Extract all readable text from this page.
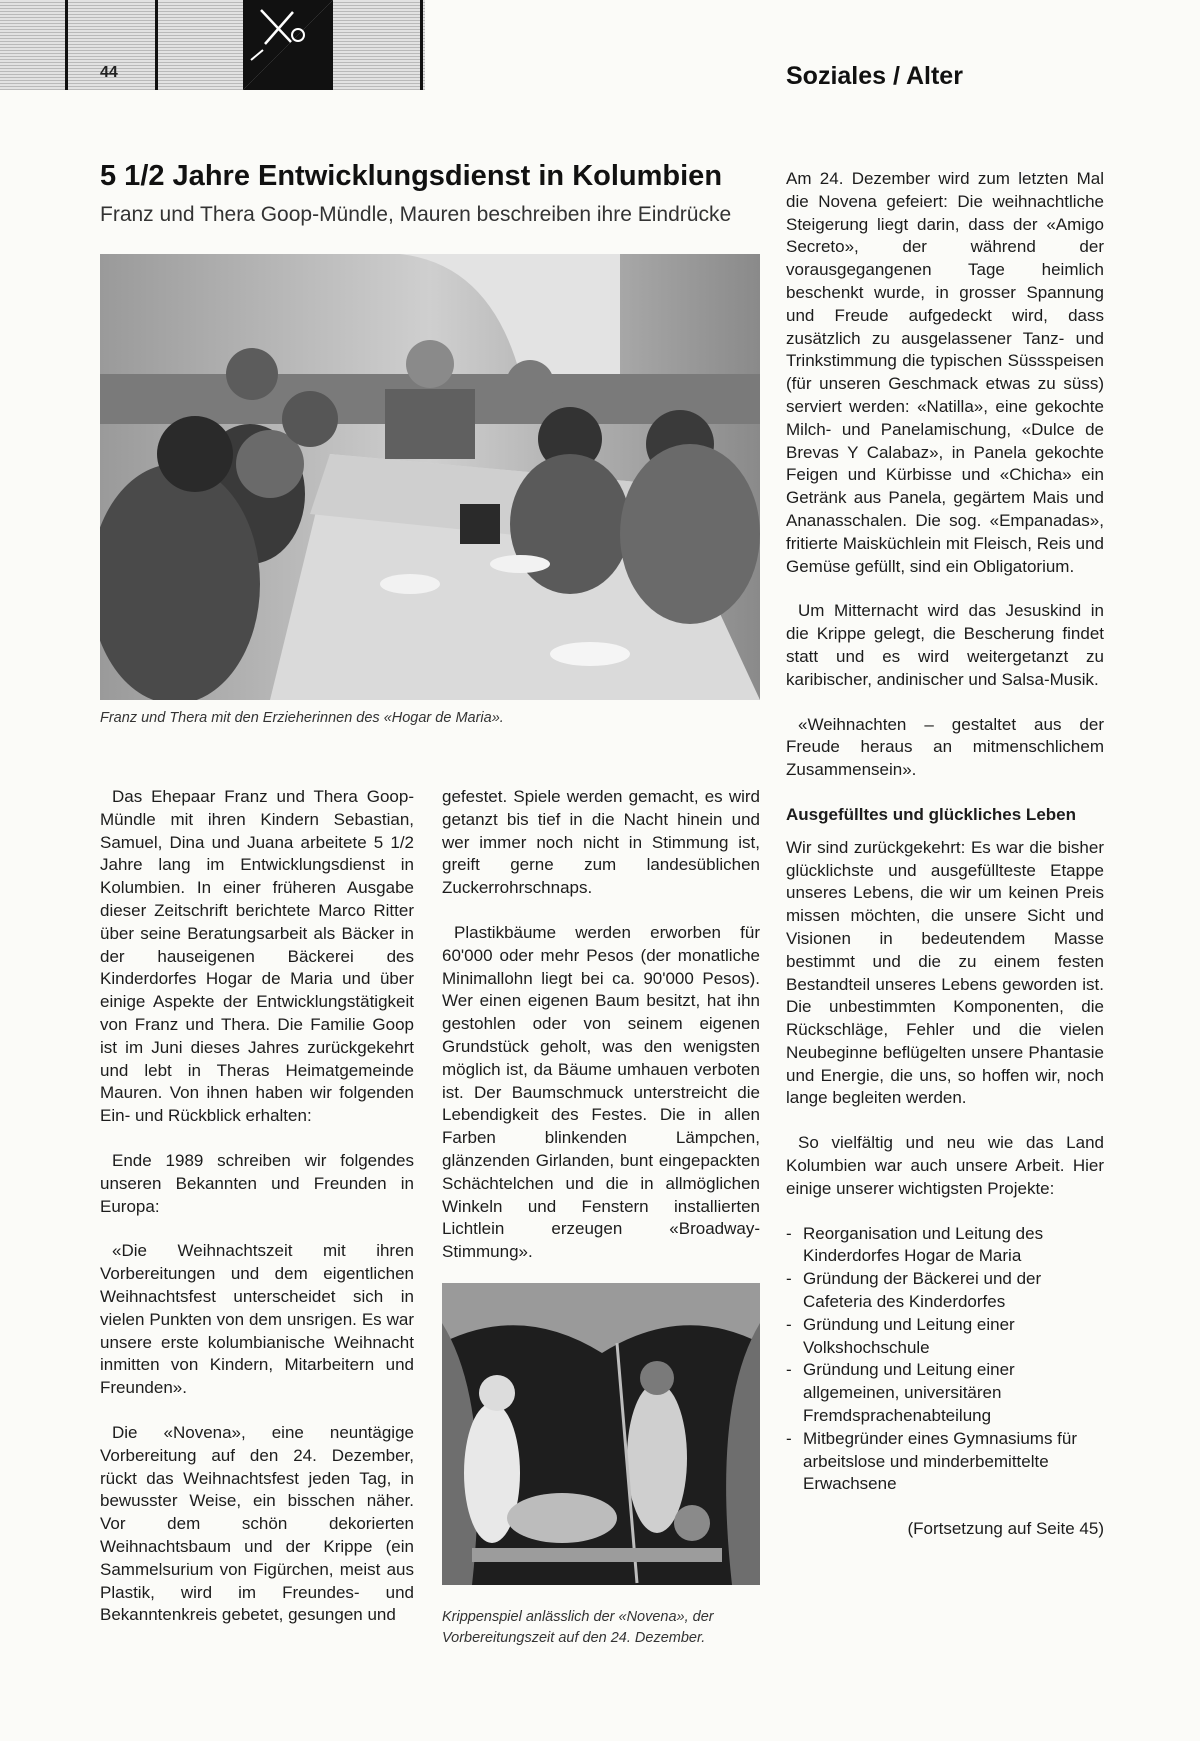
44	Soziales / Alter
5 1/2 Jahre Entwicklungsdienst in Kolumbien
Franz und Thera Goop-Mündle, Mauren beschreiben ihre Eindrücke
Franz und Thera mit den Erzieherinnen des «Hogar de Maria».

Das Ehepaar Franz und Thera Goop-Mündle mit ihren Kindern Sebastian, Samuel, Dina und Juana arbeitete 5 1/2 Jahre lang im Entwicklungsdienst in Kolumbien. In einer früheren Ausgabe dieser Zeitschrift berichtete Marco Ritter über seine Beratungsarbeit als Bäcker in der hauseigenen Bäckerei des Kinderdorfes Hogar de Maria und über einige Aspekte der Entwicklungstätigkeit von Franz und Thera. Die Familie Goop ist im Juni dieses Jahres zurückgekehrt und lebt in Theras Heimatgemeinde Mauren. Von ihnen haben wir folgenden Ein- und Rückblick erhalten:

Ende 1989 schreiben wir folgendes unseren Bekannten und Freunden in Europa:

«Die Weihnachtszeit mit ihren Vorbereitungen und dem eigentlichen Weihnachtsfest unterscheidet sich in vielen Punkten von dem unsrigen. Es war unsere erste kolumbianische Weihnacht inmitten von Kindern, Mitarbeitern und Freunden».

Die «Novena», eine neuntägige Vorbereitung auf den 24. Dezember, rückt das Weihnachtsfest jeden Tag, in bewusster Weise, ein bisschen näher. Vor dem schön dekorierten Weihnachtsbaum und der Krippe (ein Sammelsurium von Figürchen, meist aus Plastik, wird im Freundes- und Bekanntenkreis gebetet, gesungen und

gefestet. Spiele werden gemacht, es wird getanzt bis tief in die Nacht hinein und wer immer noch nicht in Stimmung ist, greift gerne zum landesüblichen Zuckerrohrschnaps.

Plastikbäume werden erworben für 60'000 oder mehr Pesos (der monatliche Minimallohn liegt bei ca. 90'000 Pesos). Wer einen eigenen Baum besitzt, hat ihn gestohlen oder von seinem eigenen Grundstück geholt, was den wenigsten möglich ist, da Bäume umhauen verboten ist. Der Baumschmuck unterstreicht die Lebendigkeit des Festes. Die in allen Farben blinkenden Lämpchen, glänzenden Girlanden, bunt eingepackten Schächtelchen und die in allmöglichen Winkeln und Fenstern installierten Lichtlein erzeugen «Broadway-Stimmung».

Krippenspiel anlässlich der «Novena», der Vorbereitungszeit auf den 24. Dezember.

Am 24. Dezember wird zum letzten Mal die Novena gefeiert: Die weihnachtliche Steigerung liegt darin, dass der «Amigo Secreto», der während der vorausgegangenen Tage heimlich beschenkt wurde, in grosser Spannung und Freude aufgedeckt wird, dass zusätzlich zu ausgelassener Tanz- und Trinkstimmung die typischen Süssspeisen (für unseren Geschmack etwas zu süss) serviert werden: «Natilla», eine gekochte Milch- und Panelamischung, «Dulce de Brevas Y Calabaz», in Panela gekochte Feigen und Kürbisse und «Chicha» ein Getränk aus Panela, gegärtem Mais und Ananasschalen. Die sog. «Empanadas», fritierte Maisküchlein mit Fleisch, Reis und Gemüse gefüllt, sind ein Obligatorium.

Um Mitternacht wird das Jesuskind in die Krippe gelegt, die Bescherung findet statt und es wird weitergetanzt zu karibischer, andinischer und Salsa-Musik.

«Weihnachten – gestaltet aus der Freude heraus an mitmenschlichem Zusammensein».

Ausgefülltes und glückliches Leben

Wir sind zurückgekehrt: Es war die bisher glücklichste und ausgefüllteste Etappe unseres Lebens, die wir um keinen Preis missen möchten, die unsere Sicht und Visionen in bedeutendem Masse bestimmt und die zu einem festen Bestandteil unseres Lebens geworden ist. Die unbestimmten Komponenten, die Rückschläge, Fehler und die vielen Neubeginne beflügelten unsere Phantasie und Energie, die uns, so hoffen wir, noch lange begleiten werden.

So vielfältig und neu wie das Land Kolumbien war auch unsere Arbeit. Hier einige unserer wichtigsten Projekte:

- Reorganisation und Leitung des Kinderdorfes Hogar de Maria
- Gründung der Bäckerei und der Cafeteria des Kinderdorfes
- Gründung und Leitung einer Volkshochschule
- Gründung und Leitung einer allgemeinen, universitären Fremdsprachenabteilung
- Mitbegründer eines Gymnasiums für arbeitslose und minderbemittelte Erwachsene
(Fortsetzung auf Seite 45)
